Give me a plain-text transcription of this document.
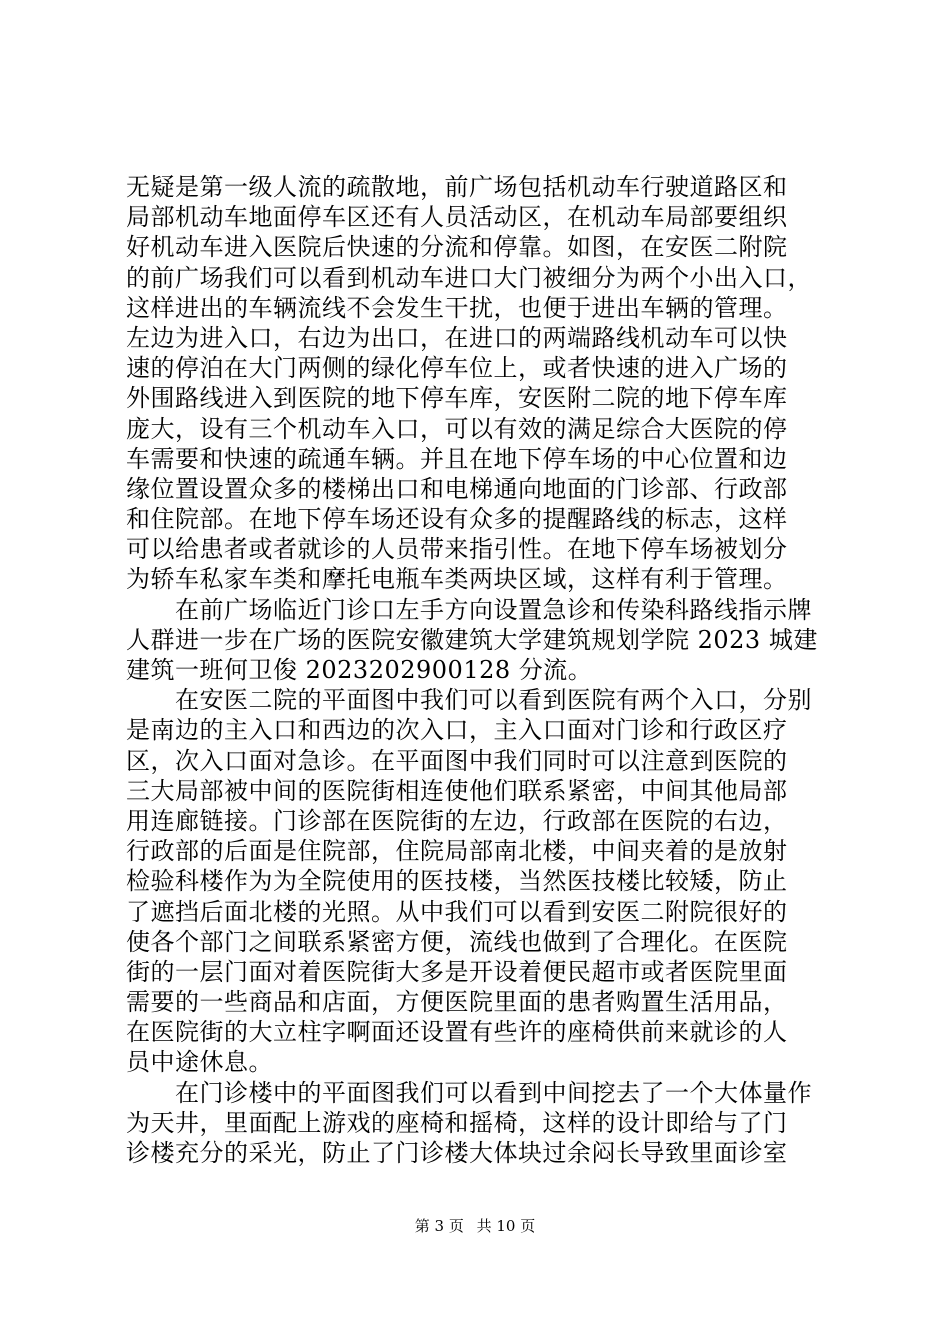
无疑是第一级人流的疏散地，前广场包括机动车行驶道路区和
局部机动车地面停车区还有人员活动区，在机动车局部要组织
好机动车进入医院后快速的分流和停靠。如图，在安医二附院
的前广场我们可以看到机动车进口大门被细分为两个小出入口，
这样进出的车辆流线不会发生干扰，也便于进出车辆的管理。
左边为进入口，右边为出口，在进口的两端路线机动车可以快
速的停泊在大门两侧的绿化停车位上，或者快速的进入广场的
外围路线进入到医院的地下停车库，安医附二院的地下停车库
庞大，设有三个机动车入口，可以有效的满足综合大医院的停
车需要和快速的疏通车辆。并且在地下停车场的中心位置和边
缘位置设置众多的楼梯出口和电梯通向地面的门诊部、行政部
和住院部。在地下停车场还设有众多的提醒路线的标志，这样
可以给患者或者就诊的人员带来指引性。在地下停车场被划分
为轿车私家车类和摩托电瓶车类两块区域，这样有利于管理。
　　在前广场临近门诊口左手方向设置急诊和传染科路线指示牌
人群进一步在广场的医院安徽建筑大学建筑规划学院 2023 城建
建筑一班何卫俊 2023202900128 分流。
　　在安医二院的平面图中我们可以看到医院有两个入口，分别
是南边的主入口和西边的次入口，主入口面对门诊和行政区疗
区，次入口面对急诊。在平面图中我们同时可以注意到医院的
三大局部被中间的医院街相连使他们联系紧密，中间其他局部
用连廊链接。门诊部在医院街的左边，行政部在医院的右边，
行政部的后面是住院部，住院局部南北楼，中间夹着的是放射
检验科楼作为为全院使用的医技楼，当然医技楼比较矮，防止
了遮挡后面北楼的光照。从中我们可以看到安医二附院很好的
使各个部门之间联系紧密方便，流线也做到了合理化。在医院
街的一层门面对着医院街大多是开设着便民超市或者医院里面
需要的一些商品和店面，方便医院里面的患者购置生活用品，
在医院街的大立柱字啊面还设置有些许的座椅供前来就诊的人
员中途休息。
　　在门诊楼中的平面图我们可以看到中间挖去了一个大体量作
为天井，里面配上游戏的座椅和摇椅，这样的设计即给与了门
诊楼充分的采光，防止了门诊楼大体块过余闷长导致里面诊室
第 3 页 共 10 页
